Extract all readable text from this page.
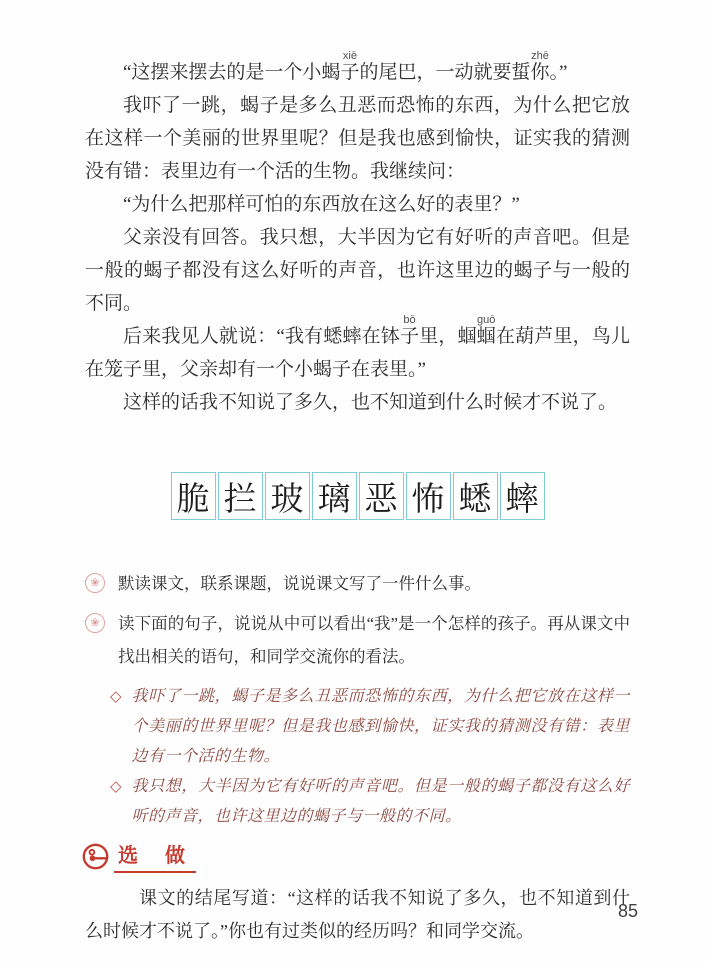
“这摆来摆去的是一个小蝎
xiē
子的尾巴，一动就要蜇
zhē
你。”

我吓了一跳，蝎子是多么丑恶而恐怖的东西，为什么把它放在这样一个美丽的世界里呢？但是我也感到愉快，证实我的猜测没有错：表里边有一个活的生物。我继续问：

“为什么把那样可怕的东西放在这么好的表里？”

父亲没有回答。我只想，大半因为它有好听的声音吧。但是一般的蝎子都没有这么好听的声音，也许这里边的蝎子与一般的不同。

后来我见人就说：“我有蟋蟀在钵
bō
子里，蝈
guō
蝈在葫芦里，鸟儿在笼子里，父亲却有一个小蝎子在表里。”

这样的话我不知说了多久，也不知道到什么时候才不说了。

脆 拦 玻 璃 恶 怖 蟋 蟀
❀	默读课文，联系课题，说说课文写了一件什么事。
❀	读下面的句子，说说从中可以看出“我”是一个怎样的孩子。再从课文中找出相关的语句，和同学交流你的看法。
◇ 我吓了一跳，蝎子是多么丑恶而恐怖的东西，为什么把它放在这样一个美丽的世界里呢？但是我也感到愉快，证实我的猜测没有错：表里边有一个活的生物。
◇ 我只想，大半因为它有好听的声音吧。但是一般的蝎子都没有这么好听的声音，也许这里边的蝎子与一般的不同。
选 做

课文的结尾写道：“这样的话我不知说了多久，也不知道到什么时候才不说了。”你也有过类似的经历吗？和同学交流。

85
